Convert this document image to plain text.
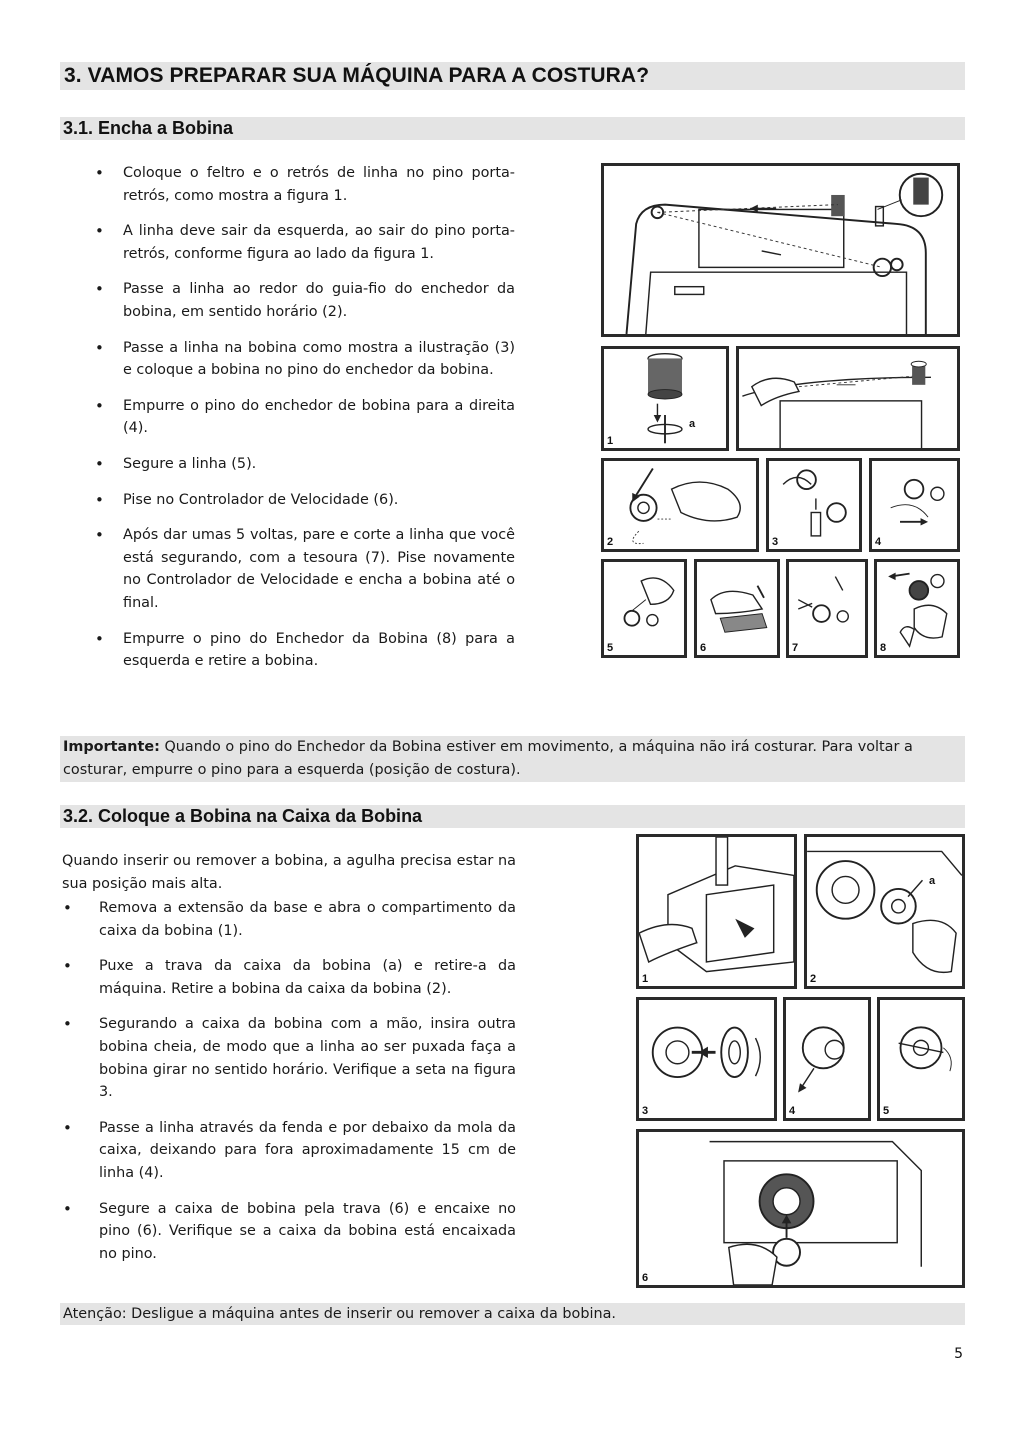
3. VAMOS PREPARAR SUA MÁQUINA PARA A COSTURA?
3.1. Encha a Bobina
• Coloque o feltro e o retrós de linha no pino porta-retrós, como mostra a figura 1.
• A linha deve sair da esquerda, ao sair do pino porta-retrós, conforme figura ao lado da figura 1.
• Passe a linha ao redor do guia-fio do enchedor da bobina, em sentido horário (2).
• Passe a linha na bobina como mostra a ilustração (3) e coloque a bobina no pino do enchedor da bobina.
• Empurre o pino do enchedor de bobina para a direita (4).
• Segure a linha (5).
• Pise no Controlador de Velocidade (6).
• Após dar umas 5 voltas, pare e corte a linha que você está segurando, com a tesoura (7). Pise novamente no Controlador de Velocidade e encha a bobina até o final.
• Empurre o pino do Enchedor da Bobina (8) para a esquerda e retire a bobina.
1
a
2	3	4
5	6	7	8
Importante: Quando o pino do Enchedor da Bobina estiver em movimento, a máquina não irá costurar. Para voltar a costurar, empurre o pino para a esquerda (posição de costura).
3.2. Coloque a Bobina na Caixa da Bobina
Quando inserir ou remover a bobina, a agulha precisa estar na sua posição mais alta.
• Remova a extensão da base e abra o compartimento da caixa da bobina (1).
• Puxe a trava da caixa da bobina (a) e retire-a da máquina. Retire a bobina da caixa da bobina (2).
• Segurando a caixa da bobina com a mão, insira outra bobina cheia, de modo que a linha ao ser puxada faça a bobina girar no sentido horário. Verifique a seta na figura 3.
• Passe a linha através da fenda e por debaixo da mola da caixa, deixando para fora aproximadamente 15 cm de linha (4).
• Segure a caixa de bobina pela trava (6) e encaixe no pino (6). Verifique se a caixa da bobina está encaixada no pino.
1	2
a
3	4	5
6
Atenção: Desligue a máquina antes de inserir ou remover a caixa da bobina.
5
